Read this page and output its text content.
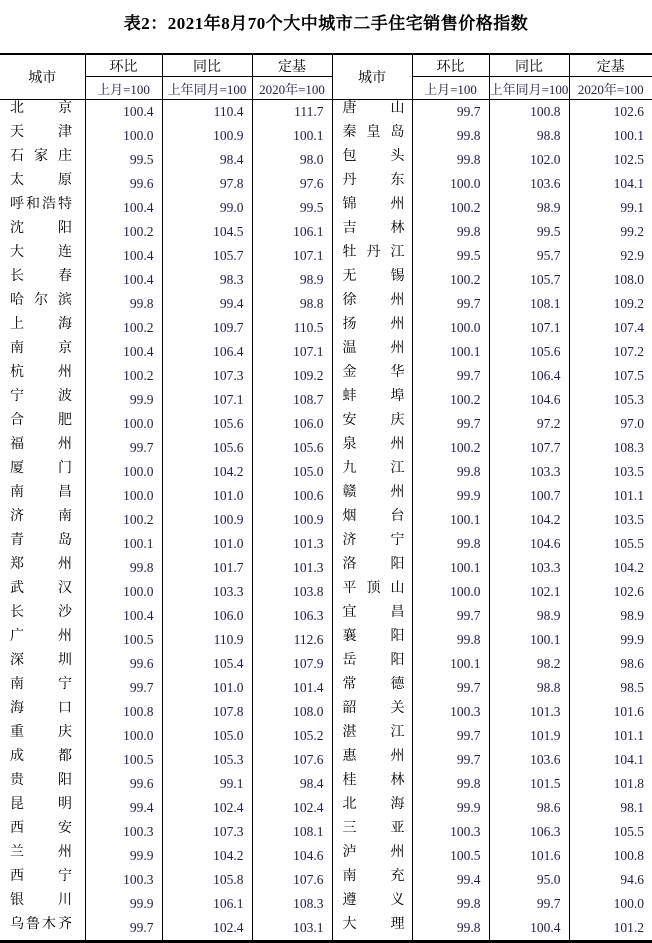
表2：2021年8月70个大中城市二手住宅销售价格指数
城市	环比	同比	定基	城市	环比	同比	定基
	上月=100	上年同月=100	2020年=100		上月=100	上年同月=100	2020年=100
北京	100.4	110.4	111.7	唐山	99.7	100.8	102.6
天津	100.0	100.9	100.1	秦皇岛	99.8	98.8	100.1
石家庄	99.5	98.4	98.0	包头	99.8	102.0	102.5
太原	99.6	97.8	97.6	丹东	100.0	103.6	104.1
呼和浩特	100.4	99.0	99.5	锦州	100.2	98.9	99.1
沈阳	100.2	104.5	106.1	吉林	99.8	99.5	99.2
大连	100.4	105.7	107.1	牡丹江	99.5	95.7	92.9
长春	100.4	98.3	98.9	无锡	100.2	105.7	108.0
哈尔滨	99.8	99.4	98.8	徐州	99.7	108.1	109.2
上海	100.2	109.7	110.5	扬州	100.0	107.1	107.4
南京	100.4	106.4	107.1	温州	100.1	105.6	107.2
杭州	100.2	107.3	109.2	金华	99.7	106.4	107.5
宁波	99.9	107.1	108.7	蚌埠	100.2	104.6	105.3
合肥	100.0	105.6	106.0	安庆	99.7	97.2	97.0
福州	99.7	105.6	105.6	泉州	100.2	107.7	108.3
厦门	100.0	104.2	105.0	九江	99.8	103.3	103.5
南昌	100.0	101.0	100.6	赣州	99.9	100.7	101.1
济南	100.2	100.9	100.9	烟台	100.1	104.2	103.5
青岛	100.1	101.0	101.3	济宁	99.8	104.6	105.5
郑州	99.8	101.7	101.3	洛阳	100.1	103.3	104.2
武汉	100.0	103.3	103.8	平顶山	100.0	102.1	102.6
长沙	100.4	106.0	106.3	宜昌	99.7	98.9	98.9
广州	100.5	110.9	112.6	襄阳	99.8	100.1	99.9
深圳	99.6	105.4	107.9	岳阳	100.1	98.2	98.6
南宁	99.7	101.0	101.4	常德	99.7	98.8	98.5
海口	100.8	107.8	108.0	韶关	100.3	101.3	101.6
重庆	100.0	105.0	105.2	湛江	99.7	101.9	101.1
成都	100.5	105.3	107.6	惠州	99.7	103.6	104.1
贵阳	99.6	99.1	98.4	桂林	99.8	101.5	101.8
昆明	99.4	102.4	102.4	北海	99.9	98.6	98.1
西安	100.3	107.3	108.1	三亚	100.3	106.3	105.5
兰州	99.9	104.2	104.6	泸州	100.5	101.6	100.8
西宁	100.3	105.8	107.6	南充	99.4	95.0	94.6
银川	99.9	106.1	108.3	遵义	99.8	99.7	100.0
乌鲁木齐	99.7	102.4	103.1	大理	99.8	100.4	101.2
